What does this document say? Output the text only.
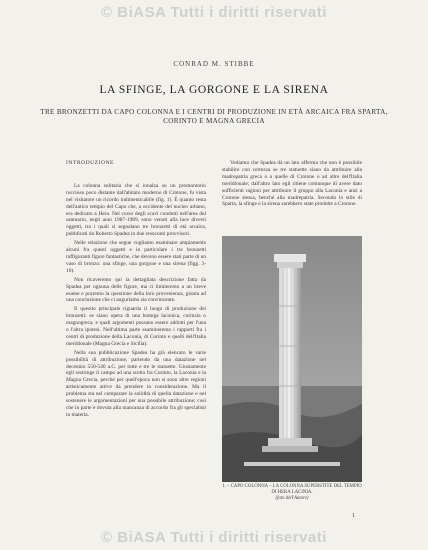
© BiASA Tutti i diritti riservati
CONRAD M. STIBBE
LA SFINGE, LA GORGONE E LA SIRENA
TRE BRONZETTI DA CAPO COLONNA E I CENTRI DI PRODUZIONE IN ETÀ ARCAICA FRA SPARTA, CORINTO E MAGNA GRECIA
INTRODUZIONE

La colonna solitaria che si innalza su un promontorio roccioso poco distante dall'abitato moderno di Crotone, fu vista nel visitatore un ricordo indimenticabile (fig. 1). È quanto resta dell'antico tempio del Capo che, a occidente del nucleo urbano, era dedicato a Hera. Nel corso degli scavi condotti nell'area del santuario, negli anni 1987-1989, sono venuti alla luce diversi oggetti, tra i quali si segnalano tre bronzetti di età arcaica, pubblicati da Roberto Spadea in due resoconti provvisori.

Nelle relazione che segue vogliamo esaminare ampiamente alcuni fra questi oggetti e in particolare i tre bronzetti raffiguranti figure fantastiche, che devono essere stati parte di un vaso di bronzo: una sfinge, una gorgone e una sirena (figg. 3-10).

Non ricaveremo qui la dettagliata descrizione fatta da Spadea per ognuna delle figure, ma ci limiteremo a un breve esame e porremo la questione della loro provenienza, giunta ad una conclusione che ci auguriamo sia convincente.

Il quesito principale riguarda il luogo di produzione dei bronzetti: se siano opera di una bottega laconica, corinzia o magnogreca, e quali argomenti possano essere addotti per l'una o l'altra ipotesi. Nell'ultima parte esamineremo i rapporti fra i centri di produzione della Laconia, di Corinto e quelli dell'Italia meridionale (Magna Grecia e Sicilia).

Nella sua pubblicazione Spadea ha già elencato le varie possibilità di attribuzione, partendo da una datazione nel decennio 550-540 a.C. per tutte e tre le statuette. Giustamente egli restringe il campo ad una scelta fra Corinto, la Laconia e la Magna Grecia, perché per quell'epoca non si sono altre regioni artisticamente attive da prendere in considerazione. Ma il problema sta nel comparare la solidità di quella datazione e nel sostenere le argomentazioni per una possibile attribuzione; così che in parte è dovuta alla mancanza di accordo fra gli specialisti in materia.

Vediamo che Spadea dà un lato afferma che non è possibile stabilire con certezza se tre statuette siano da attribuire alla madrepatria greca o a quelle di Crotone o ad altre dell'Italia meridionale; dall'altro lato egli ritiene comunque di avere dato sufficienti ragioni per attribuire il gruppo alla Laconia e anzi a Crotone stessa, benché alla madrepatria. Secondo lo stile di Sparta, la sfinge e la sirena sarebbero state prodotte a Crotone.

1. – CAPO COLONNA – LA COLONNA SUPERSTITE DEL TEMPIO DI HERA LACINIA.
(foto dell'Autore)
1
© BiASA Tutti i diritti riservati
